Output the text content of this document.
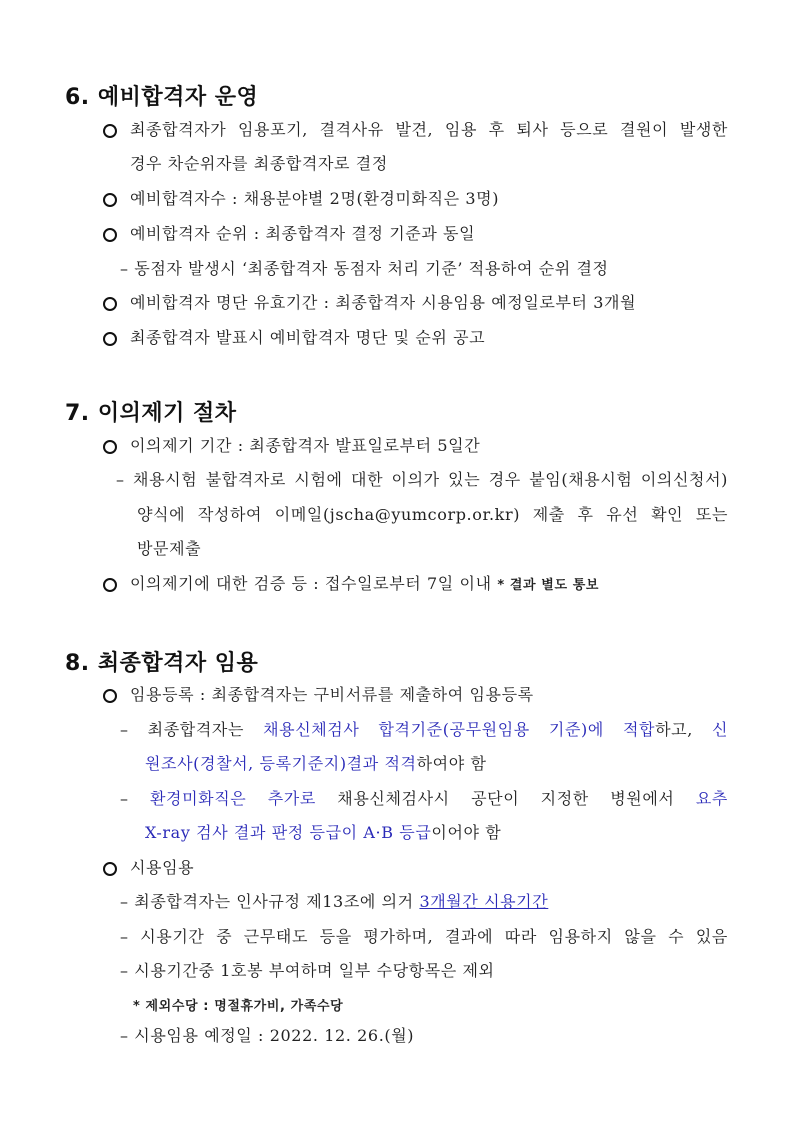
6. 예비합격자 운영
최종합격자가 임용포기, 결격사유 발견, 임용 후 퇴사 등으로 결원이 발생한
경우 차순위자를 최종합격자로 결정
예비합격자수 : 채용분야별 2명(환경미화직은 3명)
예비합격자 순위 : 최종합격자 결정 기준과 동일
– 동점자 발생시 ‘최종합격자 동점자 처리 기준’ 적용하여 순위 결정
예비합격자 명단 유효기간 : 최종합격자 시용임용 예정일로부터 3개월
최종합격자 발표시 예비합격자 명단 및 순위 공고
7. 이의제기 절차
이의제기 기간 : 최종합격자 발표일로부터 5일간
– 채용시험 불합격자로 시험에 대한 이의가 있는 경우 붙임(채용시험 이의신청서)
양식에 작성하여 이메일(jscha@yumcorp.or.kr) 제출 후 유선 확인 또는
방문제출
이의제기에 대한 검증 등 : 접수일로부터 7일 이내 * 결과 별도 통보
8. 최종합격자 임용
임용등록 : 최종합격자는 구비서류를 제출하여 임용등록
– 최종합격자는 채용신체검사 합격기준(공무원임용 기준)에 적합하고, 신
원조사(경찰서, 등록기준지)결과 적격하여야 함
– 환경미화직은 추가로 채용신체검사시 공단이 지정한 병원에서 요추
X-ray 검사 결과 판정 등급이 A·B 등급이어야 함
시용임용
– 최종합격자는 인사규정 제13조에 의거 3개월간 시용기간
– 시용기간 중 근무태도 등을 평가하며, 결과에 따라 임용하지 않을 수 있음
– 시용기간중 1호봉 부여하며 일부 수당항목은 제외
* 제외수당 : 명절휴가비, 가족수당
– 시용임용 예정일 : 2022. 12. 26.(월)
